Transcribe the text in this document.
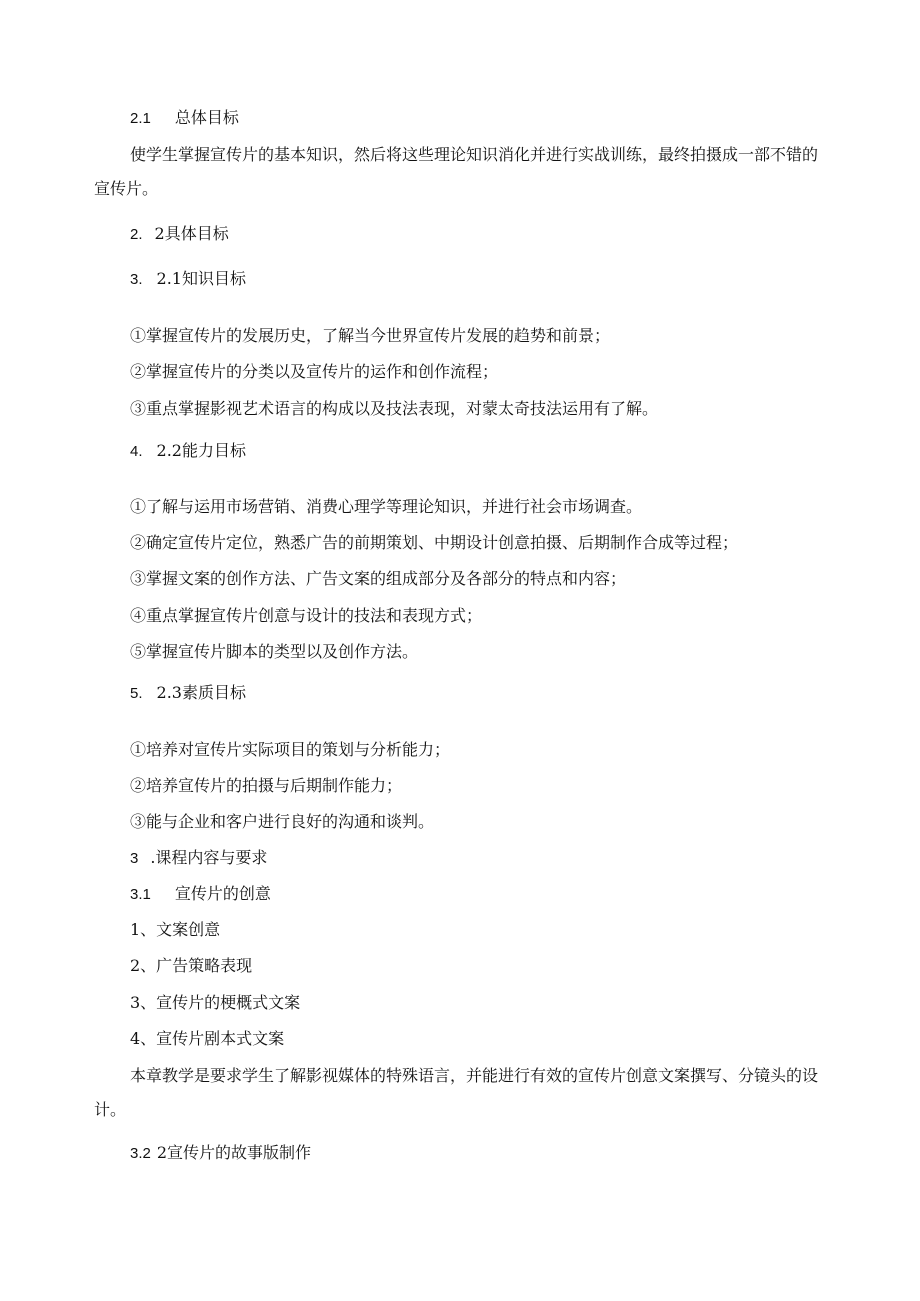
2.1 总体目标
使学生掌握宣传片的基本知识，然后将这些理论知识消化并进行实战训练，最终拍摄成一部不错的宣传片。
2. 2具体目标
3. 2.1知识目标
①掌握宣传片的发展历史，了解当今世界宣传片发展的趋势和前景；
②掌握宣传片的分类以及宣传片的运作和创作流程；
③重点掌握影视艺术语言的构成以及技法表现，对蒙太奇技法运用有了解。
4. 2.2能力目标
①了解与运用市场营销、消费心理学等理论知识，并进行社会市场调查。
②确定宣传片定位，熟悉广告的前期策划、中期设计创意拍摄、后期制作合成等过程；
③掌握文案的创作方法、广告文案的组成部分及各部分的特点和内容；
④重点掌握宣传片创意与设计的技法和表现方式；
⑤掌握宣传片脚本的类型以及创作方法。
5. 2.3素质目标
①培养对宣传片实际项目的策划与分析能力；
②培养宣传片的拍摄与后期制作能力；
③能与企业和客户进行良好的沟通和谈判。
3 .课程内容与要求
3.1 宣传片的创意
1、文案创意
2、广告策略表现
3、宣传片的梗概式文案
4、宣传片剧本式文案
本章教学是要求学生了解影视媒体的特殊语言，并能进行有效的宣传片创意文案撰写、分镜头的设计。
3.2 2宣传片的故事版制作
